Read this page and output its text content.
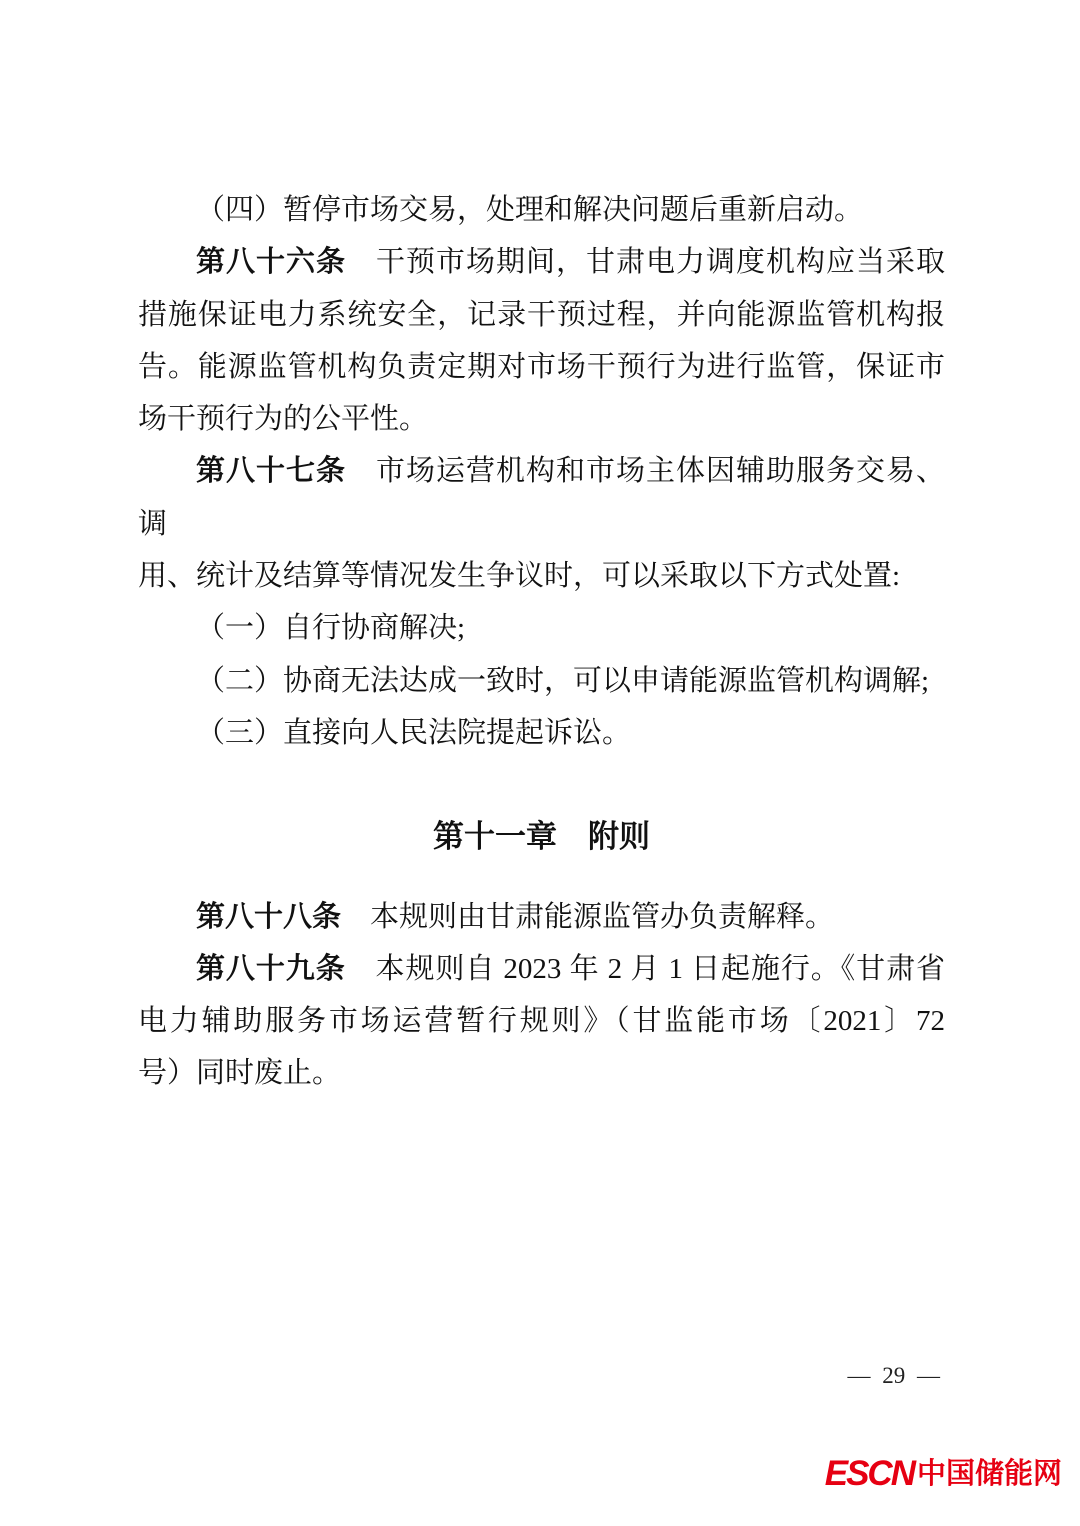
（四）暂停市场交易，处理和解决问题后重新启动。
第八十六条　干预市场期间，甘肃电力调度机构应当采取
措施保证电力系统安全，记录干预过程，并向能源监管机构报
告。能源监管机构负责定期对市场干预行为进行监管，保证市
场干预行为的公平性。
第八十七条　市场运营机构和市场主体因辅助服务交易、调
用、统计及结算等情况发生争议时，可以采取以下方式处置:
（一）自行协商解决;
（二）协商无法达成一致时，可以申请能源监管机构调解;
（三）直接向人民法院提起诉讼。
第十一章　附则
第八十八条　本规则由甘肃能源监管办负责解释。
第八十九条　本规则自 2023 年 2 月 1 日起施行。《甘肃省
电力辅助服务市场运营暂行规则》（甘监能市场〔2021〕72
号）同时废止。
— 29 —
ESCN 中国储能网
